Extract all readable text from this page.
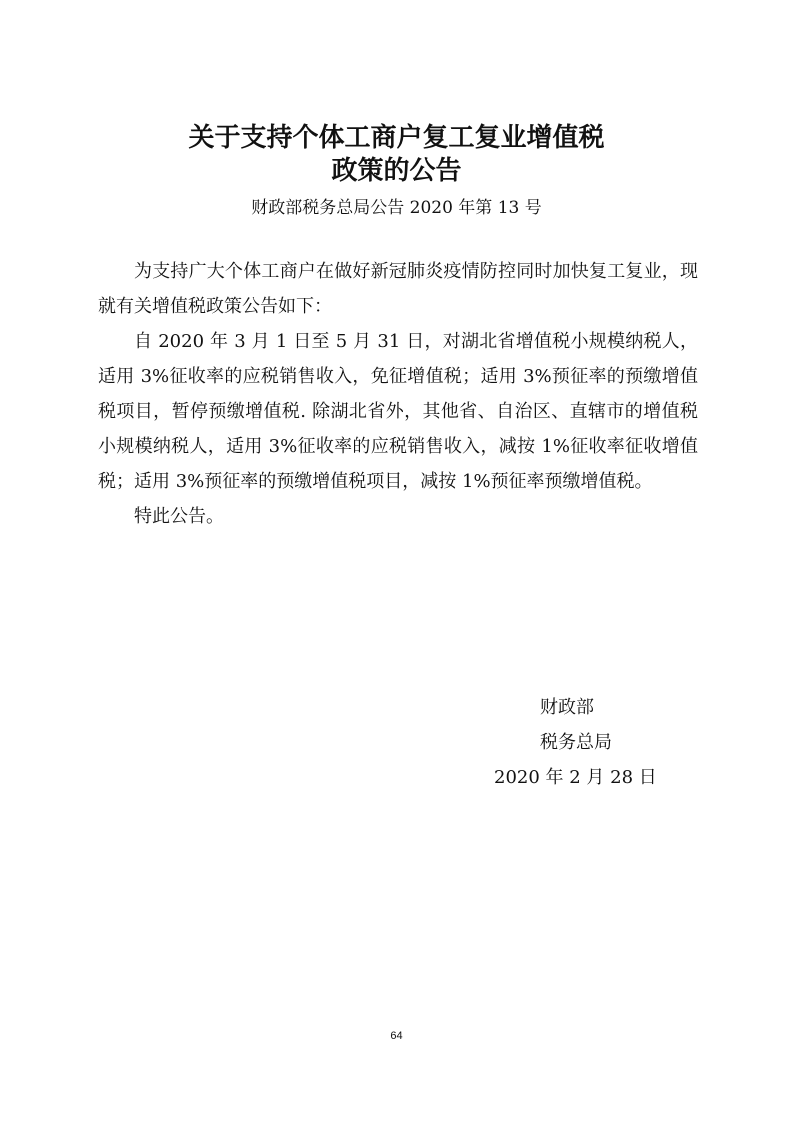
关于支持个体工商户复工复业增值税
政策的公告
财政部税务总局公告 2020 年第 13 号

为支持广大个体工商户在做好新冠肺炎疫情防控同时加快复工复业，现就有关增值税政策公告如下：

自 2020 年 3 月 1 日至 5 月 31 日，对湖北省增值税小规模纳税人，适用 3%征收率的应税销售收入，免征增值税；适用 3%预征率的预缴增值税项目，暂停预缴增值税. 除湖北省外，其他省、自治区、直辖市的增值税小规模纳税人，适用 3%征收率的应税销售收入，减按 1%征收率征收增值税；适用 3%预征率的预缴增值税项目，减按 1%预征率预缴增值税。

特此公告。

财政部
税务总局
2020 年 2 月 28 日
64
